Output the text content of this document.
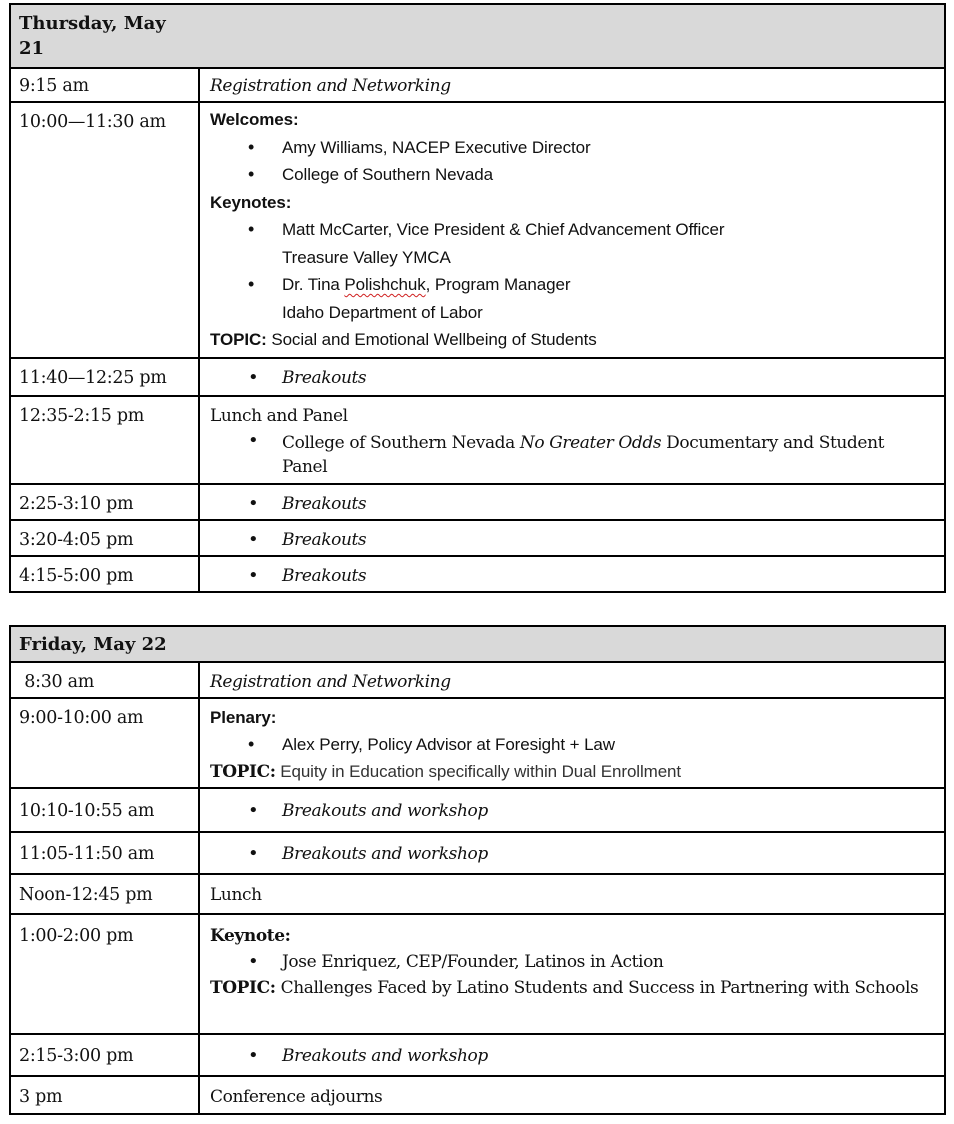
Thursday, May
21
9:15 am	Registration and Networking
10:00—11:30 am	Welcomes:
• Amy Williams, NACEP Executive Director
• College of Southern Nevada
Keynotes:
• Matt McCarter, Vice President & Chief Advancement Officer
Treasure Valley YMCA
• Dr. Tina Polishchuk, Program Manager
Idaho Department of Labor
TOPIC: Social and Emotional Wellbeing of Students
11:40—12:25 pm	• Breakouts
12:35-2:15 pm	Lunch and Panel
• College of Southern Nevada No Greater Odds Documentary and Student Panel
2:25-3:10 pm	• Breakouts
3:20-4:05 pm	• Breakouts
4:15-5:00 pm	• Breakouts
Friday, May 22
8:30 am	Registration and Networking
9:00-10:00 am	Plenary:
• Alex Perry, Policy Advisor at Foresight + Law
TOPIC: Equity in Education specifically within Dual Enrollment
10:10-10:55 am	• Breakouts and workshop
11:05-11:50 am	• Breakouts and workshop
Noon-12:45 pm	Lunch
1:00-2:00 pm	Keynote:
• Jose Enriquez, CEP/Founder, Latinos in Action
TOPIC: Challenges Faced by Latino Students and Success in Partnering with Schools
2:15-3:00 pm	• Breakouts and workshop
3 pm	Conference adjourns
